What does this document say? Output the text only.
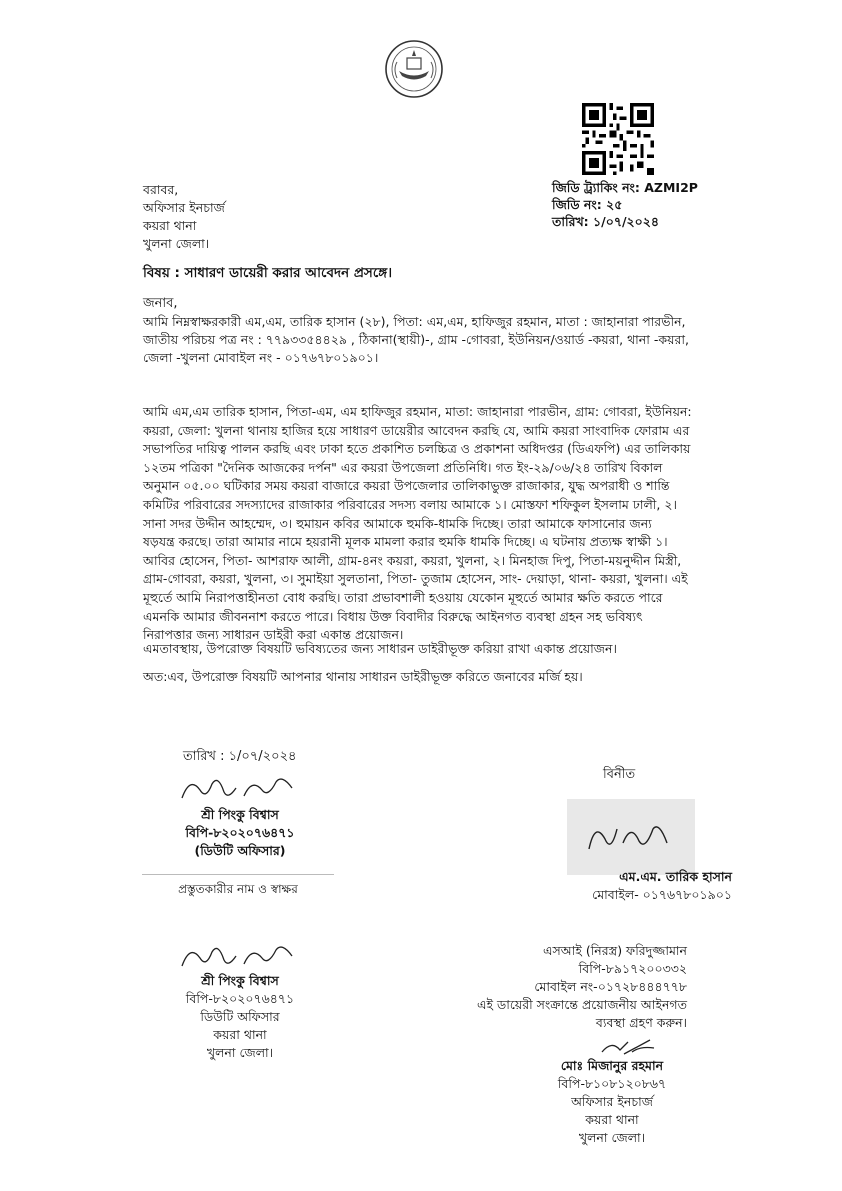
জিডি ট্র্যাকিং নং: AZMI2P
জিডি নং: ২৫
তারিখ: ১/০৭/২০২৪
বরাবর,
অফিসার ইনচার্জ
কয়রা থানা
খুলনা জেলা।
বিষয় : সাধারণ ডায়েরী করার আবেদন প্রসঙ্গে।
জনাব,
আমি নিম্নস্বাক্ষরকারী এম,এম, তারিক হাসান (২৮), পিতা: এম,এম, হাফিজুর রহমান, মাতা : জাহানারা পারভীন,
জাতীয় পরিচয় পত্র নং : ৭৭৯৩৩৫৪৪২৯ , ঠিকানা(স্থায়ী)-, গ্রাম -গোবরা, ইউনিয়ন/ওয়ার্ড -কয়রা, থানা -কয়রা,
জেলা -খুলনা মোবাইল নং - ০১৭৬৭৮০১৯০১।
আমি এম,এম তারিক হাসান, পিতা-এম, এম হাফিজুর রহমান, মাতা: জাহানারা পারভীন, গ্রাম: গোবরা, ইউনিয়ন:
কয়রা, জেলা: খুলনা থানায় হাজির হয়ে সাধারণ ডায়েরীর আবেদন করছি যে, আমি কয়রা সাংবাদিক ফোরাম এর
সভাপতির দায়িত্ব পালন করছি এবং ঢাকা হতে প্রকাশিত চলচ্চিত্র ও প্রকাশনা অধিদপ্তর (ডিএফপি) এর তালিকায়
১২তম পত্রিকা "দৈনিক আজকের দর্পন" এর কয়রা উপজেলা প্রতিনিধি। গত ইং-২৯/০৬/২৪ তারিখ বিকাল
অনুমান ০৫.০০ ঘটিকার সময় কয়রা বাজারে কয়রা উপজেলার তালিকাভুক্ত রাজাকার, যুদ্ধ অপরাধী ও শান্তি
কমিটির পরিবারের সদস্যাদের রাজাকার পরিবারের সদস্য বলায় আমাকে ১। মোস্তফা শফিকুল ইসলাম ঢালী, ২।
সানা সদর উদ্দীন আহম্মেদ, ৩। হুমায়ন কবির আমাকে হুমকি-ধামকি দিচ্ছে। তারা আমাকে ফাসানোর জন্য
ষড়যন্ত্র করছে। তারা আমার নামে হয়রানী মূলক মামলা করার হুমকি ধামকি দিচ্ছে। এ ঘটনায় প্রত্যক্ষ স্বাক্ষী ১।
আবির হোসেন, পিতা- আশরাফ আলী, গ্রাম-৪নং কয়রা, কয়রা, খুলনা, ২। মিনহাজ দিপু, পিতা-ময়নুদ্দীন মিস্ত্রী,
গ্রাম-গোবরা, কয়রা, খুলনা, ৩। সুমাইয়া সুলতানা, পিতা- তুজাম হোসেন, সাং- দেয়াড়া, থানা- কয়রা, খুলনা। এই
মূহুর্তে আমি নিরাপত্তাহীনতা বোধ করছি। তারা প্রভাবশালী হওয়ায় যেকোন মূহুর্তে আমার ক্ষতি করতে পারে
এমনকি আমার জীবননাশ করতে পারে। বিধায় উক্ত বিবাদীর বিরুদ্ধে আইনগত ব্যবস্থা গ্রহন সহ ভবিষ্যৎ
নিরাপত্তার জন্য সাধারন ডাইরী করা একান্ত প্রয়োজন।
এমতাবস্থায়, উপরোক্ত বিষয়টি ভবিষ্যতের জন্য সাধারন ডাইরীভূক্ত করিয়া রাখা একান্ত প্রয়োজন।
অত:এব, উপরোক্ত বিষয়টি আপনার থানায় সাধারন ডাইরীভূক্ত করিতে জনাবের মর্জি হয়।
তারিখ : ১/০৭/২০২৪
শ্রী পিংকু বিশ্বাস
বিপি-৮২০২০৭৬৪৭১
(ডিউটি অফিসার)
প্রস্তুতকারীর নাম ও স্বাক্ষর
শ্রী পিংকু বিশ্বাস
বিপি-৮২০২০৭৬৪৭১
ডিউটি অফিসার
কয়রা থানা
খুলনা জেলা।
বিনীত
এম.এম. তারিক হাসান
মোবাইল- ০১৭৬৭৮০১৯০১
এসআই (নিরস্ত্র) ফরিদুজ্জামান
বিপি-৮৯১৭২০০৩৩২
মোবাইল নং-০১৭২৮৪৪৪৭৭৮
এই ডায়েরী সংক্রান্তে প্রয়োজনীয় আইনগত
ব্যবস্থা গ্রহণ করুন।
মোঃ মিজানুর রহমান
বিপি-৮১০৮১২০৮৬৭
অফিসার ইনচার্জ
কয়রা থানা
খুলনা জেলা।
